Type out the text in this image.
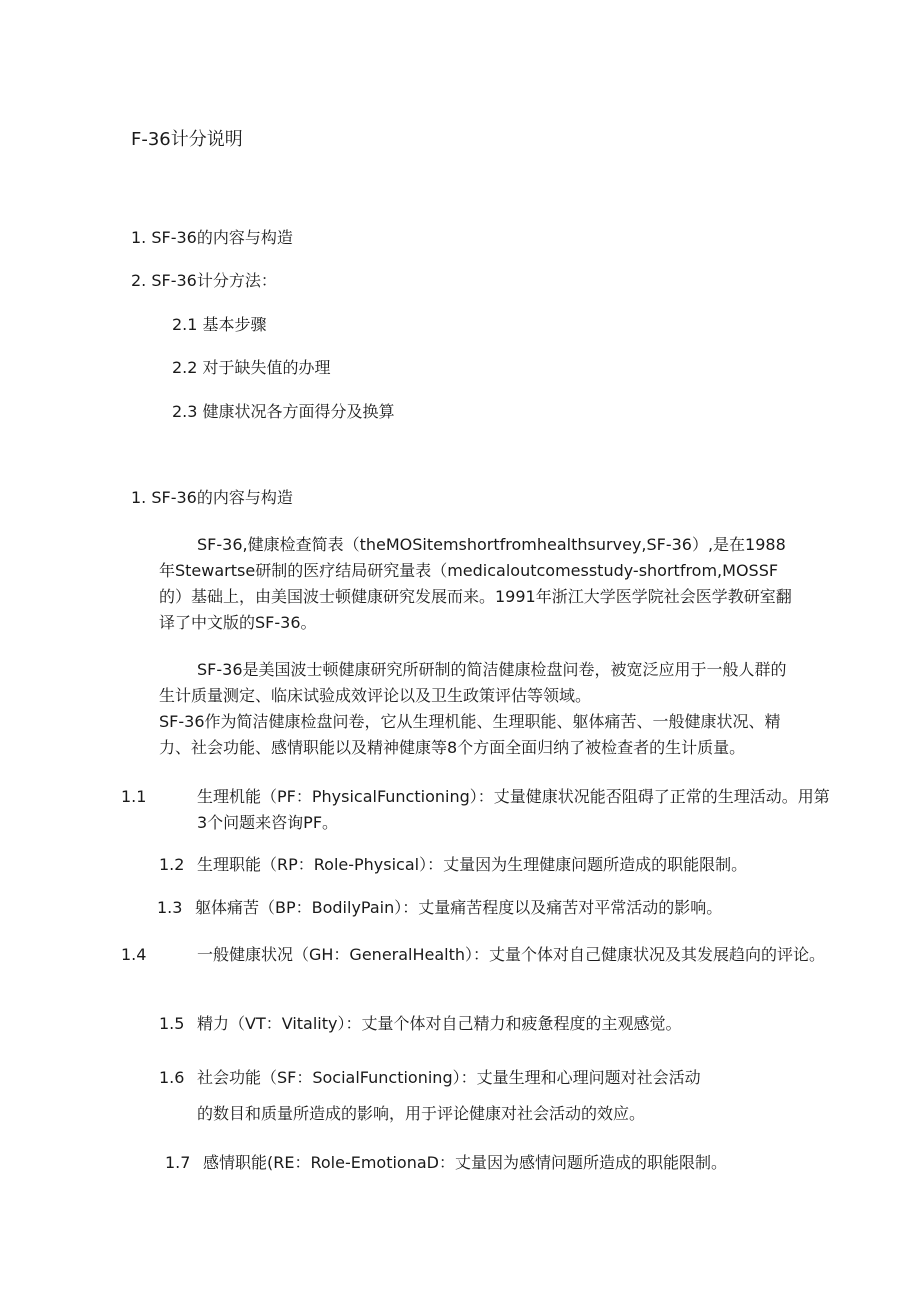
F-36计分说明
1. SF-36的内容与构造
2. SF-36计分方法：
2.1 基本步骤
2.2 对于缺失值的办理
2.3 健康状况各方面得分及换算
1. SF-36的内容与构造
SF-36,健康检查简表（theMOSitemshortfromhealthsurvey,SF-36）,是在1988年Stewartse研制的医疗结局研究量表（medicaloutcomesstudy-shortfrom,MOSSF的）基础上，由美国波士顿健康研究发展而来。1991年浙江大学医学院社会医学教研室翻译了中文版的SF-36。
SF-36是美国波士顿健康研究所研制的简洁健康检盘问卷，被宽泛应用于一般人群的生计质量测定、临床试验成效评论以及卫生政策评估等领域。
SF-36作为简洁健康检盘问卷，它从生理机能、生理职能、躯体痛苦、一般健康状况、精力、社会功能、感情职能以及精神健康等8个方面全面归纳了被检查者的生计质量。
1.1	生理机能（PF：PhysicalFunctioning）：丈量健康状况能否阻碍了正常的生理活动。用第3个问题来咨询PF。
1.2 生理职能（RP：Role-Physical）：丈量因为生理健康问题所造成的职能限制。
1.3 躯体痛苦（BP：BodilyPain）：丈量痛苦程度以及痛苦对平常活动的影响。
1.4	一般健康状况（GH：GeneralHealth）：丈量个体对自己健康状况及其发展趋向的评论。
1.5 精力（VT：Vitality）：丈量个体对自己精力和疲惫程度的主观感觉。
1.6 社会功能（SF：SocialFunctioning）：丈量生理和心理问题对社会活动
的数目和质量所造成的影响，用于评论健康对社会活动的效应。
1.7 感情职能(RE：Role-EmotionaD：丈量因为感情问题所造成的职能限制。
